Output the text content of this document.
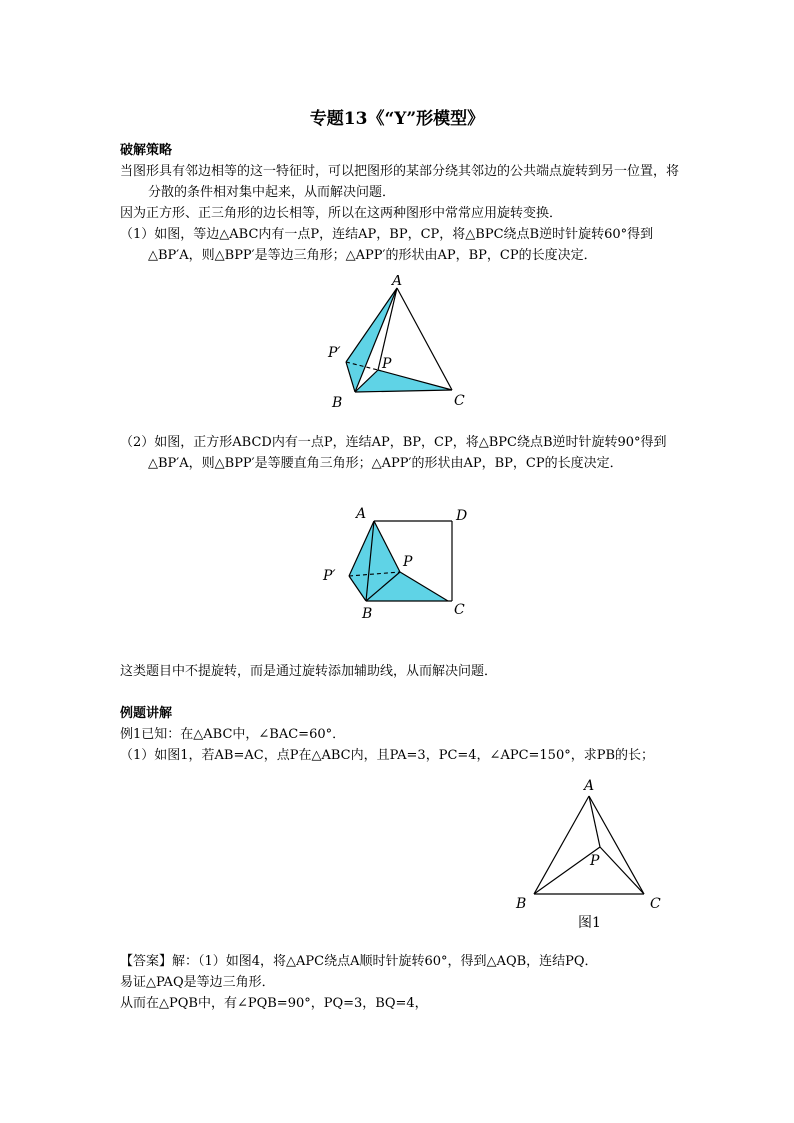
专题13《“Y”形模型》
破解策略
当图形具有邻边相等的这一特征时，可以把图形的某部分绕其邻边的公共端点旋转到另一位置，将分散的条件相对集中起来，从而解决问题．
因为正方形、正三角形的边长相等，所以在这两种图形中常常应用旋转变换．
（1）如图，等边△ABC内有一点P，连结AP，BP，CP，将△BPC绕点B逆时针旋转60°得到△BP′A，则△BPP′是等边三角形；△APP′的形状由AP，BP，CP的长度决定．
A
P′
P
B	C
（2）如图，正方形ABCD内有一点P，连结AP，BP，CP，将△BPC绕点B逆时针旋转90°得到△BP′A，则△BPP′是等腰直角三角形；△APP′的形状由AP，BP，CP的长度决定．
A	D
P′
P
B	C
这类题目中不提旋转，而是通过旋转添加辅助线，从而解决问题．
例题讲解
例1已知：在△ABC中，∠BAC=60°．
（1）如图1，若AB=AC，点P在△ABC内，且PA=3，PC=4，∠APC=150°，求PB的长；
A
P
B	C
图1
【答案】解：（1）如图4，将△APC绕点A顺时针旋转60°，得到△AQB，连结PQ．
易证△PAQ是等边三角形．
从而在△PQB中，有∠PQB=90°，PQ=3，BQ=4，
